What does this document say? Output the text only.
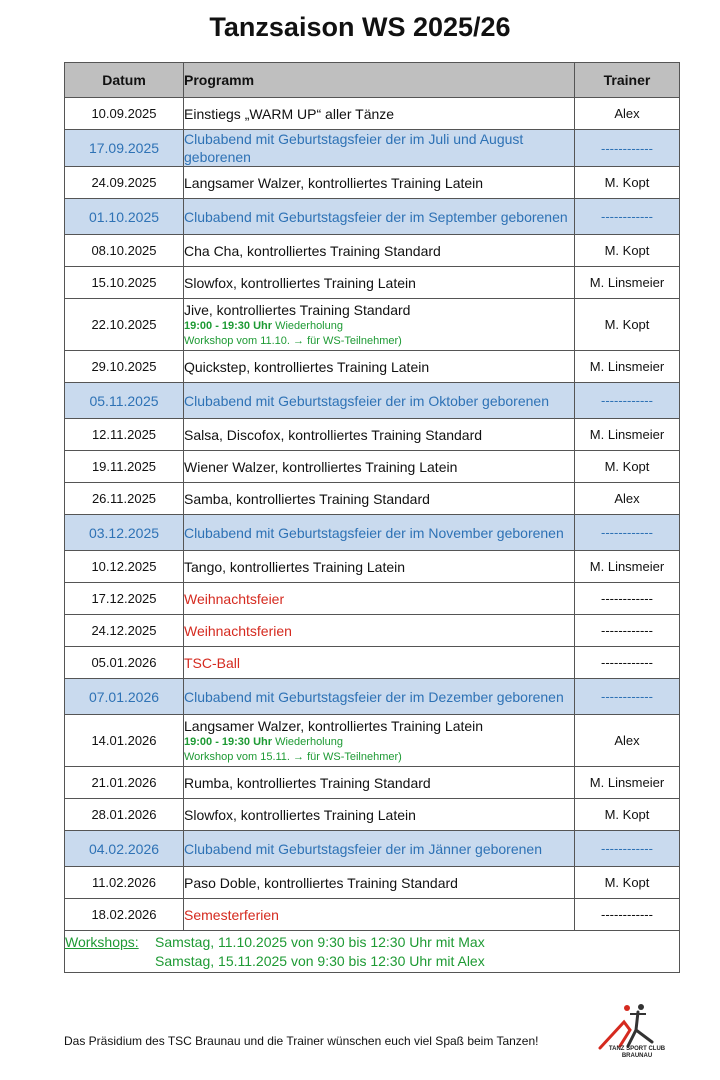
Tanzsaison WS 2025/26
Datum	Programm	Trainer
10.09.2025	Einstiegs „WARM UP“ aller Tänze	Alex
17.09.2025	Clubabend mit Geburtstagsfeier der im Juli und August geborenen	------------
24.09.2025	Langsamer Walzer, kontrolliertes Training Latein	M. Kopt
01.10.2025	Clubabend mit Geburtstagsfeier der im September geborenen	------------
08.10.2025	Cha Cha, kontrolliertes Training Standard	M. Kopt
15.10.2025	Slowfox, kontrolliertes Training Latein	M. Linsmeier
22.10.2025	Jive, kontrolliertes Training Standard
19:00 - 19:30 Uhr Wiederholung
Workshop vom 11.10. → für WS-Teilnehmer)	M. Kopt
29.10.2025	Quickstep, kontrolliertes Training Latein	M. Linsmeier
05.11.2025	Clubabend mit Geburtstagsfeier der im Oktober geborenen	------------
12.11.2025	Salsa, Discofox, kontrolliertes Training Standard	M. Linsmeier
19.11.2025	Wiener Walzer, kontrolliertes Training Latein	M. Kopt
26.11.2025	Samba, kontrolliertes Training Standard	Alex
03.12.2025	Clubabend mit Geburtstagsfeier der im November geborenen	------------
10.12.2025	Tango, kontrolliertes Training Latein	M. Linsmeier
17.12.2025	Weihnachtsfeier	------------
24.12.2025	Weihnachtsferien	------------
05.01.2026	TSC-Ball	------------
07.01.2026	Clubabend mit Geburtstagsfeier der im Dezember geborenen	------------
14.01.2026	Langsamer Walzer, kontrolliertes Training Latein
19:00 - 19:30 Uhr Wiederholung
Workshop vom 15.11. → für WS-Teilnehmer)	Alex
21.01.2026	Rumba, kontrolliertes Training Standard	M. Linsmeier
28.01.2026	Slowfox, kontrolliertes Training Latein	M. Kopt
04.02.2026	Clubabend mit Geburtstagsfeier der im Jänner geborenen	------------
11.02.2026	Paso Doble, kontrolliertes Training Standard	M. Kopt
18.02.2026	Semesterferien	------------
Workshops: Samstag, 11.10.2025 von 9:30 bis 12:30 Uhr mit Max
Samstag, 15.11.2025 von 9:30 bis 12:30 Uhr mit Alex		
Das Präsidium des TSC Braunau und die Trainer wünschen euch viel Spaß beim Tanzen!
TANZ SPORT CLUB
BRAUNAU
